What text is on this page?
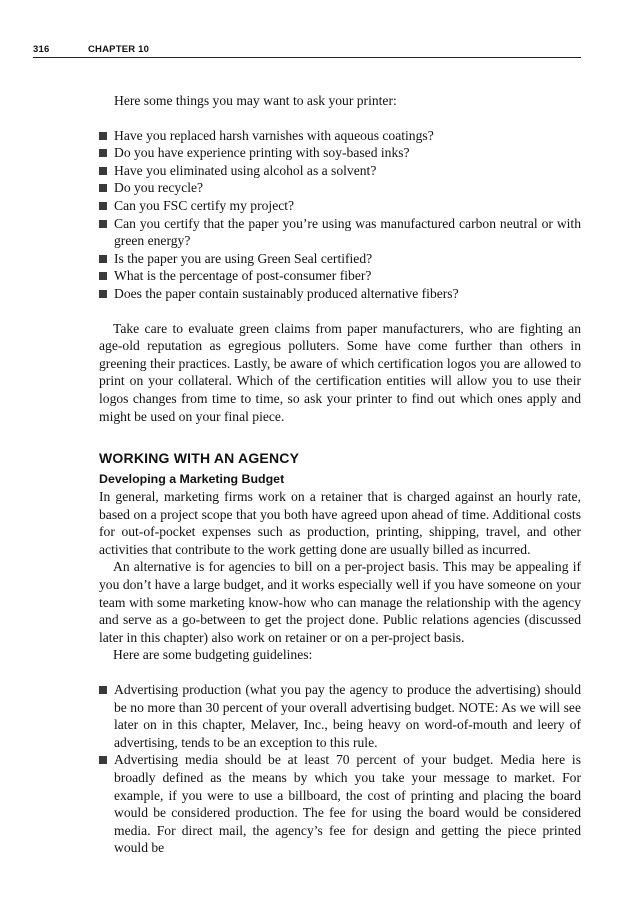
316	CHAPTER 10

Here some things you may want to ask your printer:

Have you replaced harsh varnishes with aqueous coatings?
Do you have experience printing with soy-based inks?
Have you eliminated using alcohol as a solvent?
Do you recycle?
Can you FSC certify my project?
Can you certify that the paper you’re using was manufactured carbon neutral or with green energy?
Is the paper you are using Green Seal certified?
What is the percentage of post-consumer fiber?
Does the paper contain sustainably produced alternative fibers?

Take care to evaluate green claims from paper manufacturers, who are fighting an age-old reputation as egregious polluters. Some have come further than others in greening their practices. Lastly, be aware of which certification logos you are allowed to print on your collateral. Which of the certification entities will allow you to use their logos changes from time to time, so ask your printer to find out which ones apply and might be used on your final piece.

WORKING WITH AN AGENCY
Developing a Marketing Budget

In general, marketing firms work on a retainer that is charged against an hourly rate, based on a project scope that you both have agreed upon ahead of time. Additional costs for out-of-pocket expenses such as production, printing, shipping, travel, and other activities that contribute to the work getting done are usually billed as incurred.

An alternative is for agencies to bill on a per-project basis. This may be appealing if you don’t have a large budget, and it works especially well if you have someone on your team with some marketing know-how who can manage the relationship with the agency and serve as a go-between to get the project done. Public relations agencies (discussed later in this chapter) also work on retainer or on a per-project basis.

Here are some budgeting guidelines:

Advertising production (what you pay the agency to produce the advertising) should be no more than 30 percent of your overall advertising budget. NOTE: As we will see later on in this chapter, Melaver, Inc., being heavy on word-of-mouth and leery of advertising, tends to be an exception to this rule.
Advertising media should be at least 70 percent of your budget. Media here is broadly defined as the means by which you take your message to market. For example, if you were to use a billboard, the cost of printing and placing the board would be considered production. The fee for using the board would be considered media. For direct mail, the agency’s fee for design and getting the piece printed would be
